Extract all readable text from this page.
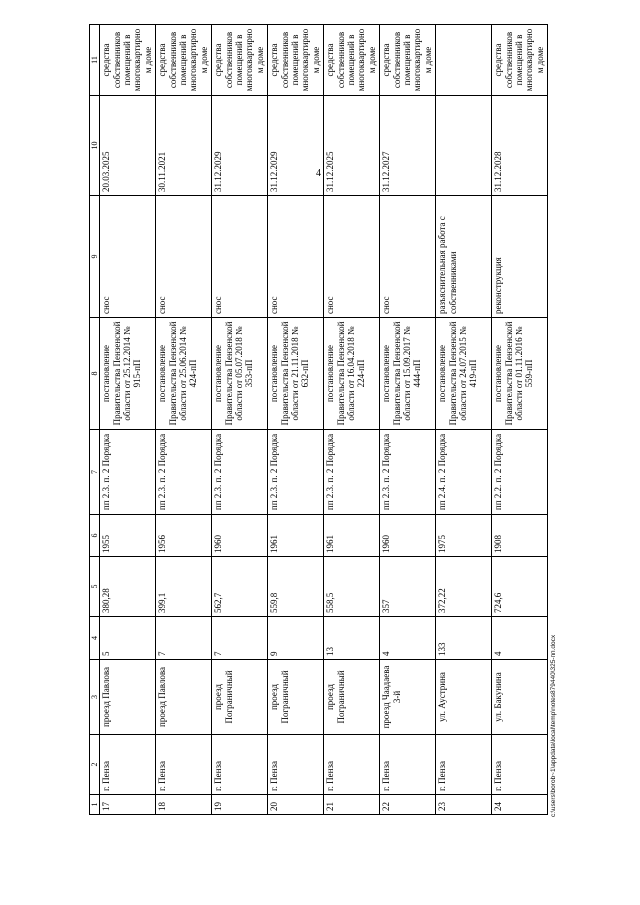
4
1	2	3	4	5	6	7	8	9	10	11
17	г. Пенза	проезд Павлова	5	380,28	1955	пп 2.3. п. 2 Порядка	постановление Правительства Пензенской области от 25.12.2014 № 915-пП	снос	20.03.2025	средства собственников помещений в многоквартирном доме
18	г. Пенза	проезд Павлова	7	399,1	1956	пп 2.3. п. 2 Порядка	постановление Правительства Пензенской области от 25.06.2014 № 424-пП	снос	30.11.2021	средства собственников помещений в многоквартирном доме
19	г. Пенза	проезд Пограничный	7	562,7	1960	пп 2.3. п. 2 Порядка	постановление Правительства Пензенской области от 05.07.2018 № 353-пП	снос	31.12.2029	средства собственников помещений в многоквартирном доме
20	г. Пенза	проезд Пограничный	9	559,8	1961	пп 2.3. п. 2 Порядка	постановление Правительства Пензенской области от 21.11.2018 № 632-пП	снос	31.12.2029	средства собственников помещений в многоквартирном доме
21	г. Пенза	проезд Пограничный	13	558,5	1961	пп 2.3. п. 2 Порядка	постановление Правительства Пензенской области от 16.04.2018 № 224-пП	снос	31.12.2025	средства собственников помещений в многоквартирном доме
22	г. Пенза	проезд Чаадаева 3-й	4	357	1960	пп 2.3. п. 2 Порядка	постановление Правительства Пензенской области от 15.09.2017 № 444-пП	снос	31.12.2027	средства собственников помещений в многоквартирном доме
23	г. Пенза	ул. Аустрина	133	372,22	1975	пп 2.4. п. 2 Порядка	постановление Правительства Пензенской области от 24.07.2015 № 419-пП	разъяснительная работа с собственниками		
24	г. Пенза	ул. Бакунина	4	724,6	1908	пп 2.2. п. 2 Порядка	постановление Правительства Пензенской области от 01.11.2016 № 559-пП	реконструкция	31.12.2028	средства собственников помещений в многоквартирном доме
c:\users\borob~1\appdata\local\temp\notes879440\325-пп.docx
